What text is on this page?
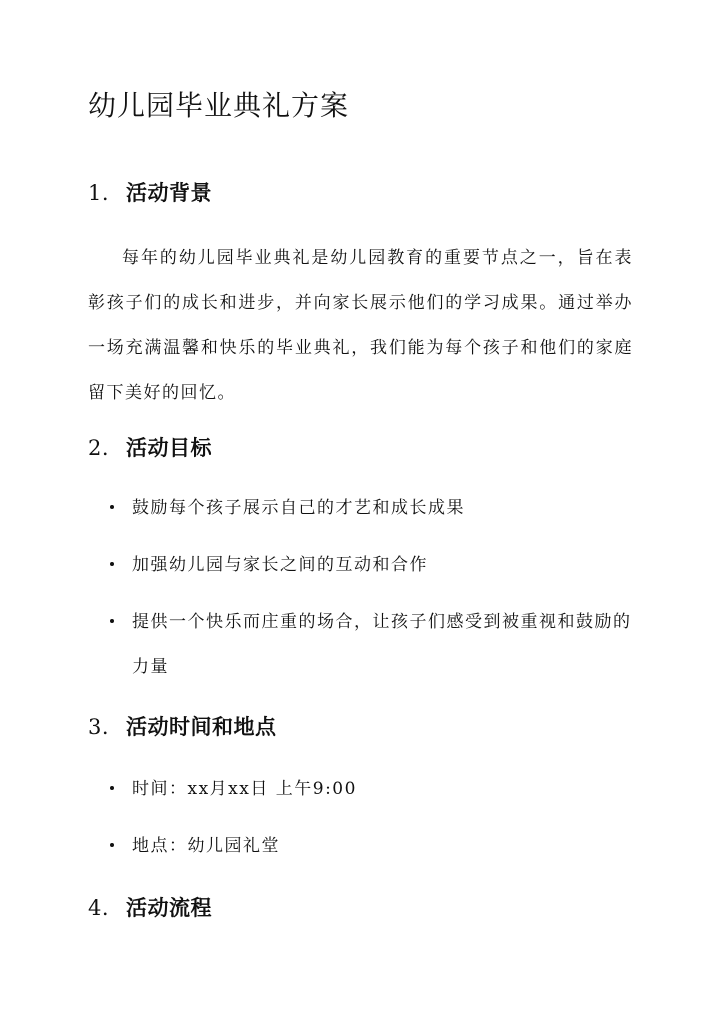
幼儿园毕业典礼方案
1. 活动背景

每年的幼儿园毕业典礼是幼儿园教育的重要节点之一，旨在表彰孩子们的成长和进步，并向家长展示他们的学习成果。通过举办一场充满温馨和快乐的毕业典礼，我们能为每个孩子和他们的家庭留下美好的回忆。

2. 活动目标
鼓励每个孩子展示自己的才艺和成长成果
加强幼儿园与家长之间的互动和合作
提供一个快乐而庄重的场合，让孩子们感受到被重视和鼓励的力量
3. 活动时间和地点
时间：xx月xx日 上午9:00
地点：幼儿园礼堂
4. 活动流程
